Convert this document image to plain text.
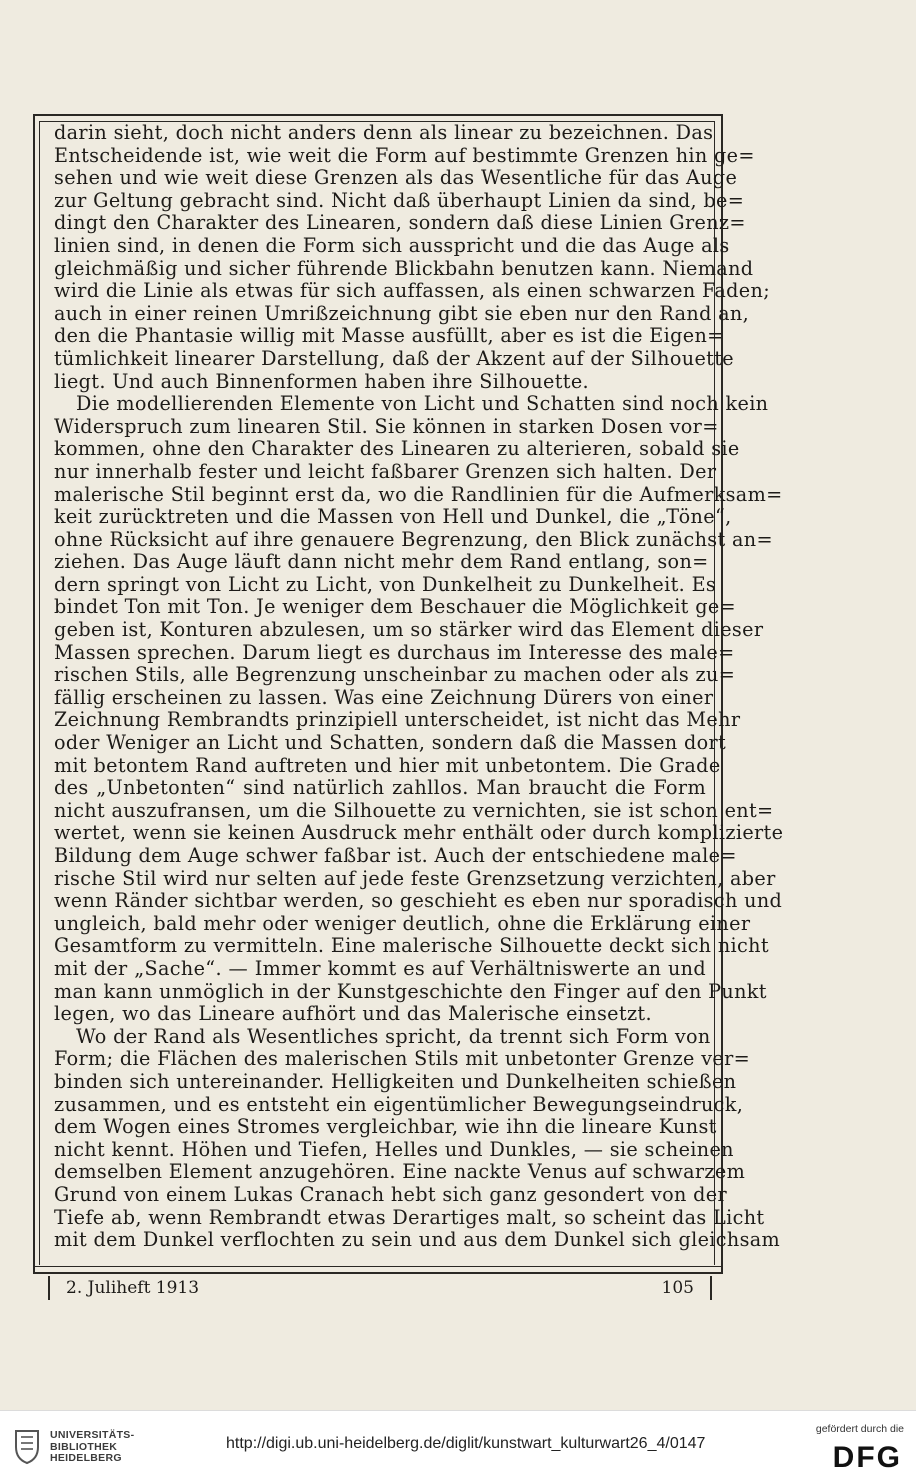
darin sieht, doch nicht anders denn als linear zu bezeichnen. Das
Entscheidende ist, wie weit die Form auf bestimmte Grenzen hin ge=
sehen und wie weit diese Grenzen als das Wesentliche für das Auge
zur Geltung gebracht sind. Nicht daß überhaupt Linien da sind, be=
dingt den Charakter des Linearen, sondern daß diese Linien Grenz=
linien sind, in denen die Form sich ausspricht und die das Auge als
gleichmäßig und sicher führende Blickbahn benutzen kann. Niemand
wird die Linie als etwas für sich auffassen, als einen schwarzen Faden;
auch in einer reinen Umrißzeichnung gibt sie eben nur den Rand an,
den die Phantasie willig mit Masse ausfüllt, aber es ist die Eigen=
tümlichkeit linearer Darstellung, daß der Akzent auf der Silhouette
liegt. Und auch Binnenformen haben ihre Silhouette.
Die modellierenden Elemente von Licht und Schatten sind noch kein
Widerspruch zum linearen Stil. Sie können in starken Dosen vor=
kommen, ohne den Charakter des Linearen zu alterieren, sobald sie
nur innerhalb fester und leicht faßbarer Grenzen sich halten. Der
malerische Stil beginnt erst da, wo die Randlinien für die Aufmerksam=
keit zurücktreten und die Massen von Hell und Dunkel, die „Töne“,
ohne Rücksicht auf ihre genauere Begrenzung, den Blick zunächst an=
ziehen. Das Auge läuft dann nicht mehr dem Rand entlang, son=
dern springt von Licht zu Licht, von Dunkelheit zu Dunkelheit. Es
bindet Ton mit Ton. Je weniger dem Beschauer die Möglichkeit ge=
geben ist, Konturen abzulesen, um so stärker wird das Element dieser
Massen sprechen. Darum liegt es durchaus im Interesse des male=
rischen Stils, alle Begrenzung unscheinbar zu machen oder als zu=
fällig erscheinen zu lassen. Was eine Zeichnung Dürers von einer
Zeichnung Rembrandts prinzipiell unterscheidet, ist nicht das Mehr
oder Weniger an Licht und Schatten, sondern daß die Massen dort
mit betontem Rand auftreten und hier mit unbetontem. Die Grade
des „Unbetonten“ sind natürlich zahllos. Man braucht die Form
nicht auszufransen, um die Silhouette zu vernichten, sie ist schon ent=
wertet, wenn sie keinen Ausdruck mehr enthält oder durch komplizierte
Bildung dem Auge schwer faßbar ist. Auch der entschiedene male=
rische Stil wird nur selten auf jede feste Grenzsetzung verzichten, aber
wenn Ränder sichtbar werden, so geschieht es eben nur sporadisch und
ungleich, bald mehr oder weniger deutlich, ohne die Erklärung einer
Gesamtform zu vermitteln. Eine malerische Silhouette deckt sich nicht
mit der „Sache“. — Immer kommt es auf Verhältniswerte an und
man kann unmöglich in der Kunstgeschichte den Finger auf den Punkt
legen, wo das Lineare aufhört und das Malerische einsetzt.
Wo der Rand als Wesentliches spricht, da trennt sich Form von
Form; die Flächen des malerischen Stils mit unbetonter Grenze ver=
binden sich untereinander. Helligkeiten und Dunkelheiten schießen
zusammen, und es entsteht ein eigentümlicher Bewegungseindruck,
dem Wogen eines Stromes vergleichbar, wie ihn die lineare Kunst
nicht kennt. Höhen und Tiefen, Helles und Dunkles, — sie scheinen
demselben Element anzugehören. Eine nackte Venus auf schwarzem
Grund von einem Lukas Cranach hebt sich ganz gesondert von der
Tiefe ab, wenn Rembrandt etwas Derartiges malt, so scheint das Licht
mit dem Dunkel verflochten zu sein und aus dem Dunkel sich gleichsam
2. Juliheft 1913	105
UNIVERSITÄTS-
BIBLIOTHEK
HEIDELBERG
http://digi.ub.uni-heidelberg.de/diglit/kunstwart_kulturwart26_4/0147
gefördert durch die
DFG
